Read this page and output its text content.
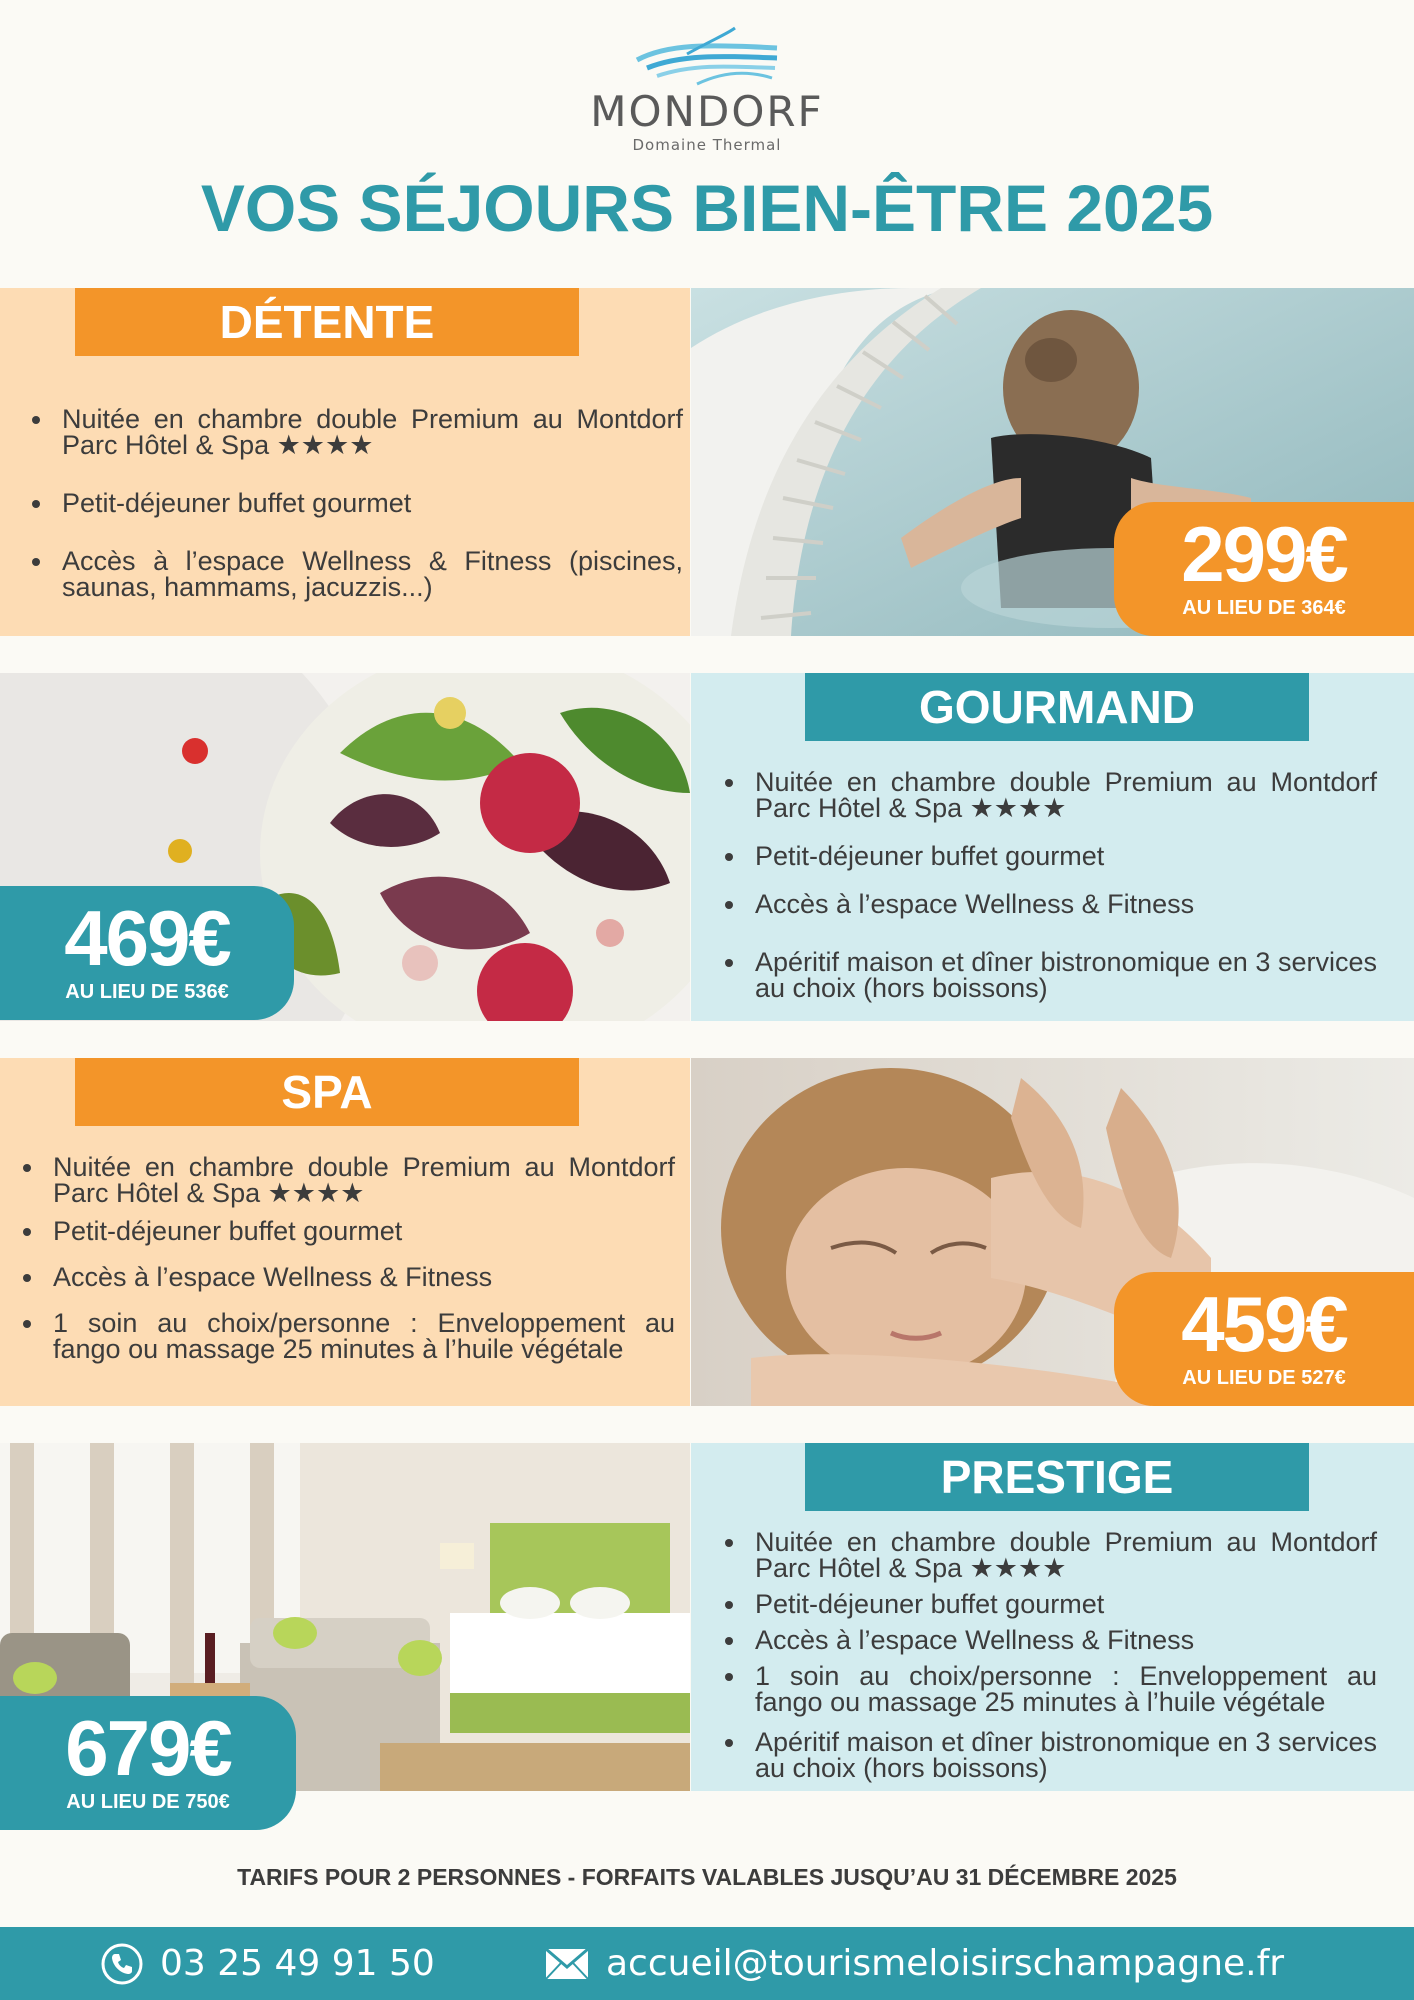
MONDORF
Domaine Thermal
VOS SÉJOURS BIEN-ÊTRE 2025
DÉTENTE
Nuitée en chambre double Premium au Montdorf Parc Hôtel & Spa ★★★★
Petit-déjeuner buffet gourmet
Accès à l’espace Wellness & Fitness (piscines, saunas, hammams, jacuzzis...)	299€
AU LIEU DE 364€
469€
AU LIEU DE 536€
GOURMAND
Nuitée en chambre double Premium au Montdorf Parc Hôtel & Spa ★★★★
Petit-déjeuner buffet gourmet
Accès à l’espace Wellness & Fitness
Apéritif maison et dîner bistronomique en 3 services au choix (hors boissons)
SPA
Nuitée en chambre double Premium au Montdorf Parc Hôtel & Spa ★★★★
Petit-déjeuner buffet gourmet
Accès à l’espace Wellness & Fitness
1 soin au choix/personne : Enveloppement au fango ou massage 25 minutes à l’huile végétale	459€
AU LIEU DE 527€
679€
AU LIEU DE 750€
PRESTIGE
Nuitée en chambre double Premium au Montdorf Parc Hôtel & Spa ★★★★
Petit-déjeuner buffet gourmet
Accès à l’espace Wellness & Fitness
1 soin au choix/personne : Enveloppement au fango ou massage 25 minutes à l’huile végétale
Apéritif maison et dîner bistronomique en 3 services au choix (hors boissons)
TARIFS POUR 2 PERSONNES - FORFAITS VALABLES JUSQU’AU 31 DÉCEMBRE 2025
03 25 49 91 50	accueil@tourismeloisirschampagne.fr
